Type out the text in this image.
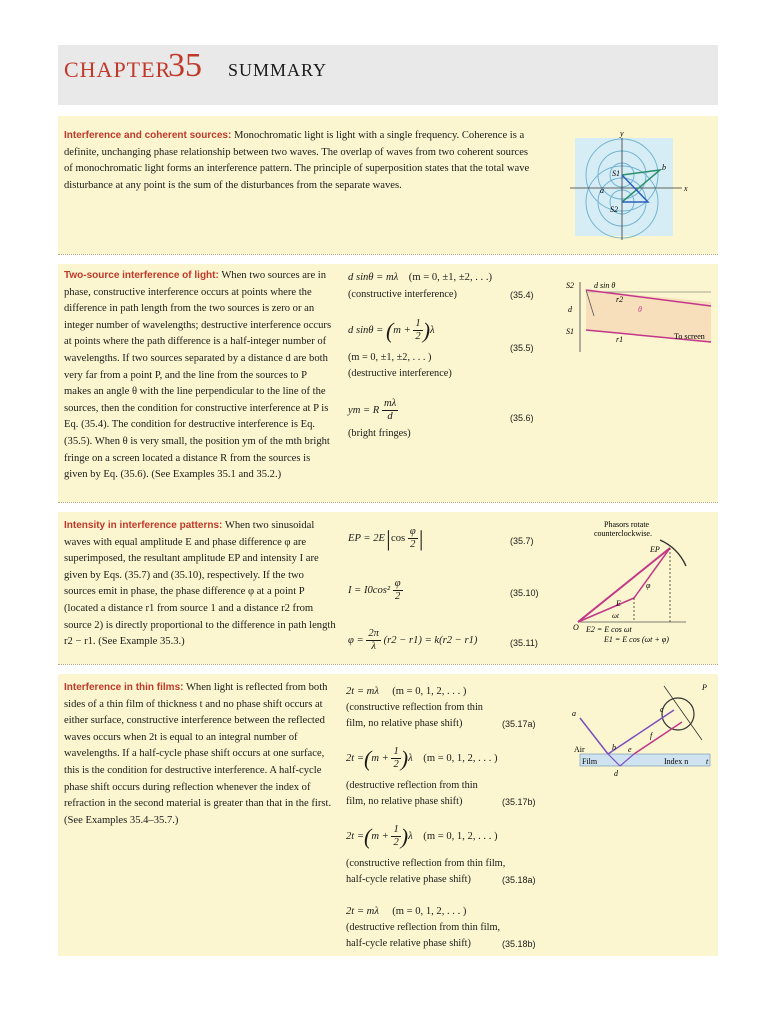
CHAPTER
35 SUMMARY
Interference and coherent sources: Monochromatic light is light with a single frequency. Coherence is a definite, unchanging phase relationship between two waves. The overlap of waves from two coherent sources of monochromatic light forms an interference pattern. The principle of superposition states that the total wave disturbance at any point is the sum of the disturbances from the separate waves.
y
x
S1
S2
b
a
Two-source interference of light: When two sources are in phase, constructive interference occurs at points where the difference in path length from the two sources is zero or an integer number of wavelengths; destructive interference occurs at points where the path difference is a half-integer number of wavelengths. If two sources separated by a distance d are both very far from a point P, and the line from the sources to P makes an angle θ with the line perpendicular to the line of the sources, then the condition for constructive interference at P is Eq. (35.4). The condition for destructive interference is Eq. (35.5). When θ is very small, the position ym of the mth bright fringe on a screen located a distance R from the sources is given by Eq. (35.6). (See Examples 35.1 and 35.2.)
d sinθ = mλ (m = 0, ±1, ±2, . . .)
(constructive interference)	(35.4)
d $\sin\theta = (m + \frac{1}{2} )\lambda$
(m = 0, ±1, ±2, . . . )
(destructive interference)
(35.5)
ym = R $\frac{m\lambda}{d}$
(bright fringes)
(35.6)
S2
S1
d sin θ
r2
r1
d	θ
To screen
Intensity in interference patterns: When two sinusoidal waves with equal amplitude E and phase difference φ are superimposed, the resultant amplitude EP and intensity I are given by Eqs. (35.7) and (35.10), respectively. If the two sources emit in phase, the phase difference φ at a point P (located a distance r1 from source 1 and a distance r2 from source 2) is directly proportional to the difference in path length r2 − r1. (See Example 35.3.)
EP = $2E|\cos \frac{\varphi}{2}$ |	(35.7)
$I = I0\cos^2 \frac{\varphi}{2}$	(35.10)
$\varphi = \frac{2\pi}{\lambda} (r2 - r1) = k(r2 - r1)$	(35.11)
Phasors rotate
counterclockwise.
EP
E
φ
ωt
O E2 = E cos ωt
E1 = E cos (ωt + φ)
Interference in thin films: When light is reflected from both sides of a thin film of thickness t and no phase shift occurs at either surface, constructive interference between the reflected waves occurs when 2t is equal to an integral number of wavelengths. If a half-cycle phase shift occurs at one surface, this is the condition for destructive interference. A half-cycle phase shift occurs during reflection whenever the index of refraction in the second material is greater than that in the first. (See Examples 35.4–35.7.)
2t = mλ (m = 0, 1, 2, . . . )
(constructive reflection from thin
film, no relative phase shift)	(35.17a)
$2t =(m + \frac{1}{2} )\lambda$ (m = 0, 1, 2, . . . )
(destructive reflection from thin
film, no relative phase shift)	(35.17b)
$2t =(m + \frac{1}{2} )\lambda$ (m = 0, 1, 2, . . . )
(constructive reflection from thin film,
half-cycle relative phase shift)	(35.18a)
2t = mλ (m = 0, 1, 2, . . . )
(destructive reflection from thin film,
half-cycle relative phase shift)	(35.18b)
Air
Film	Index n t
a
b
c
d
e
f
P
